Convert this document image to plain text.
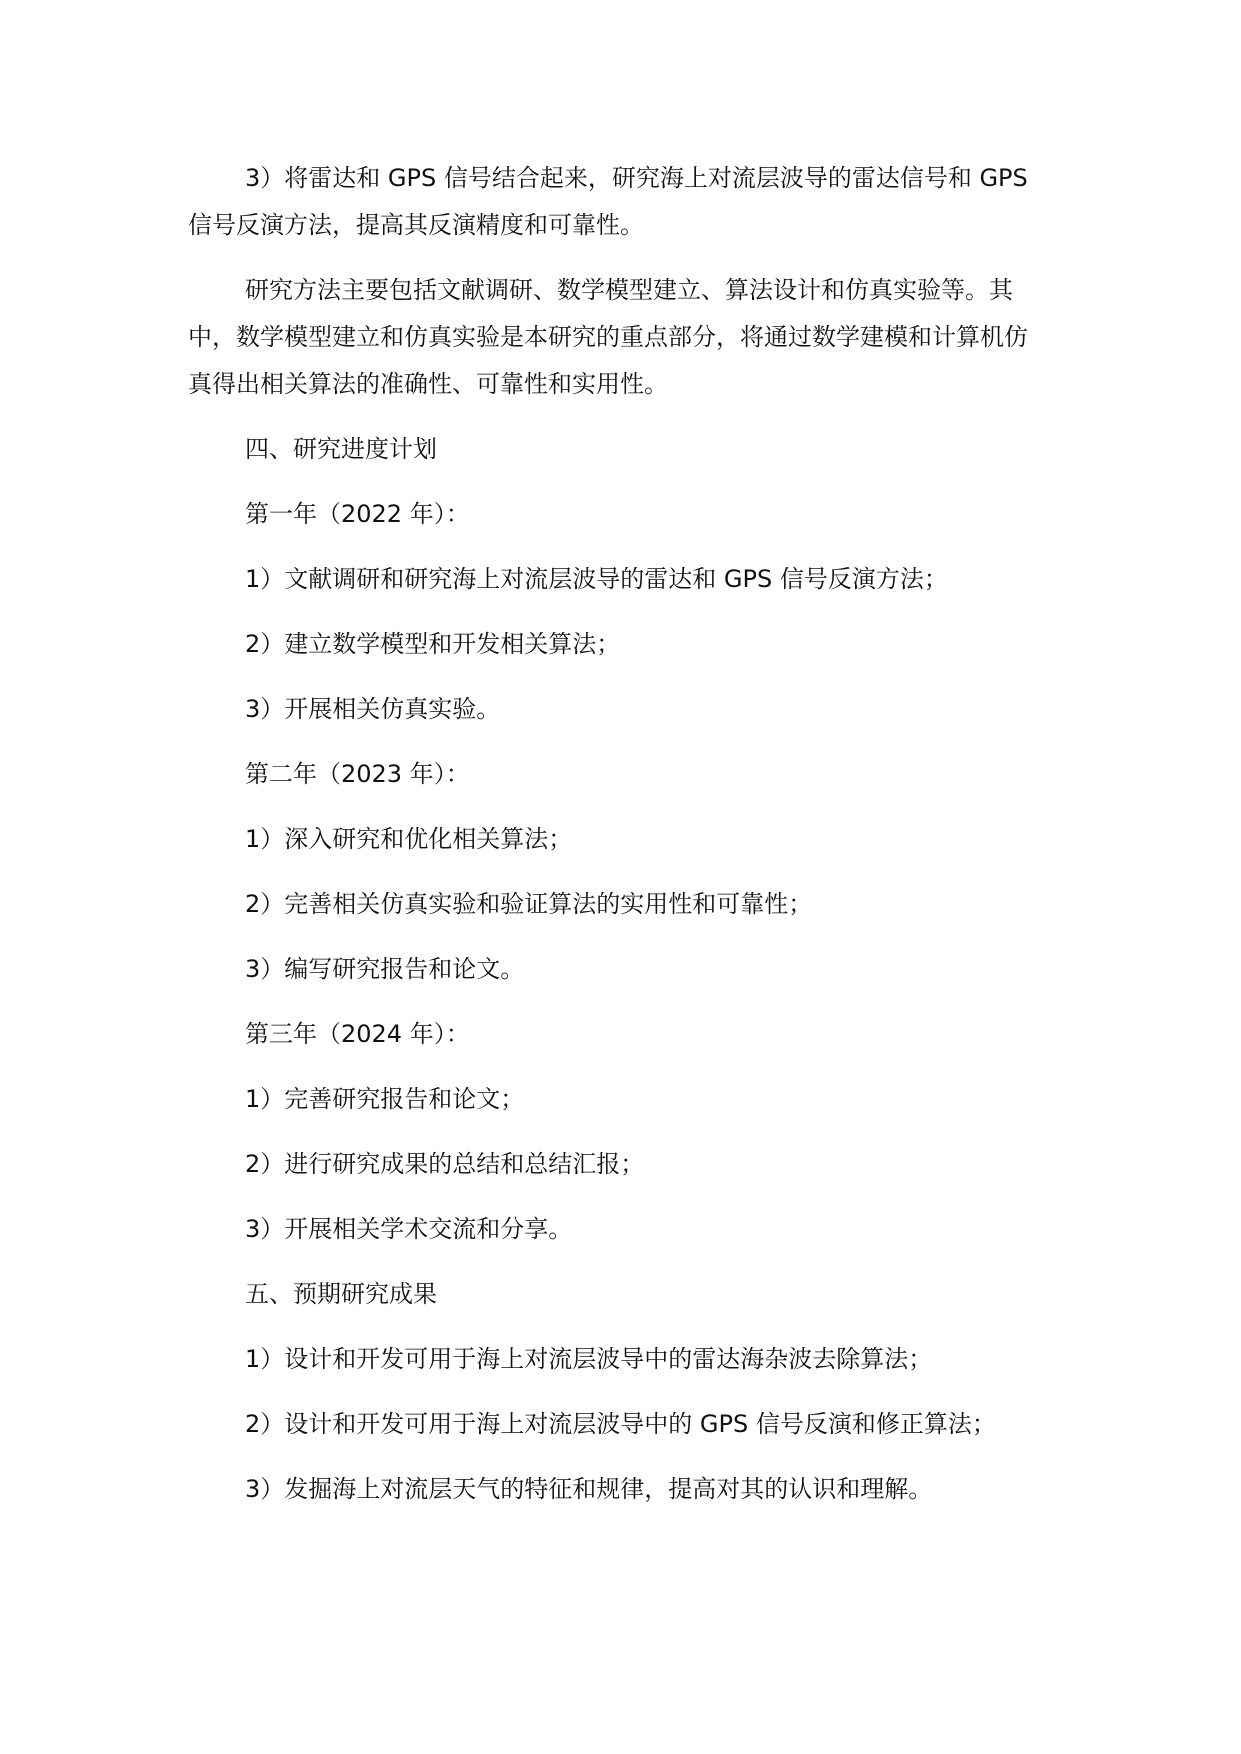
3）将雷达和 GPS 信号结合起来，研究海上对流层波导的雷达信号和 GPS 信号反演方法，提高其反演精度和可靠性。

研究方法主要包括文献调研、数学模型建立、算法设计和仿真实验等。其中，数学模型建立和仿真实验是本研究的重点部分，将通过数学建模和计算机仿真得出相关算法的准确性、可靠性和实用性。

四、研究进度计划

第一年（2022 年）：

1）文献调研和研究海上对流层波导的雷达和 GPS 信号反演方法；

2）建立数学模型和开发相关算法；

3）开展相关仿真实验。

第二年（2023 年）：

1）深入研究和优化相关算法；

2）完善相关仿真实验和验证算法的实用性和可靠性；

3）编写研究报告和论文。

第三年（2024 年）：

1）完善研究报告和论文；

2）进行研究成果的总结和总结汇报；

3）开展相关学术交流和分享。

五、预期研究成果

1）设计和开发可用于海上对流层波导中的雷达海杂波去除算法；

2）设计和开发可用于海上对流层波导中的 GPS 信号反演和修正算法；

3）发掘海上对流层天气的特征和规律，提高对其的认识和理解。
